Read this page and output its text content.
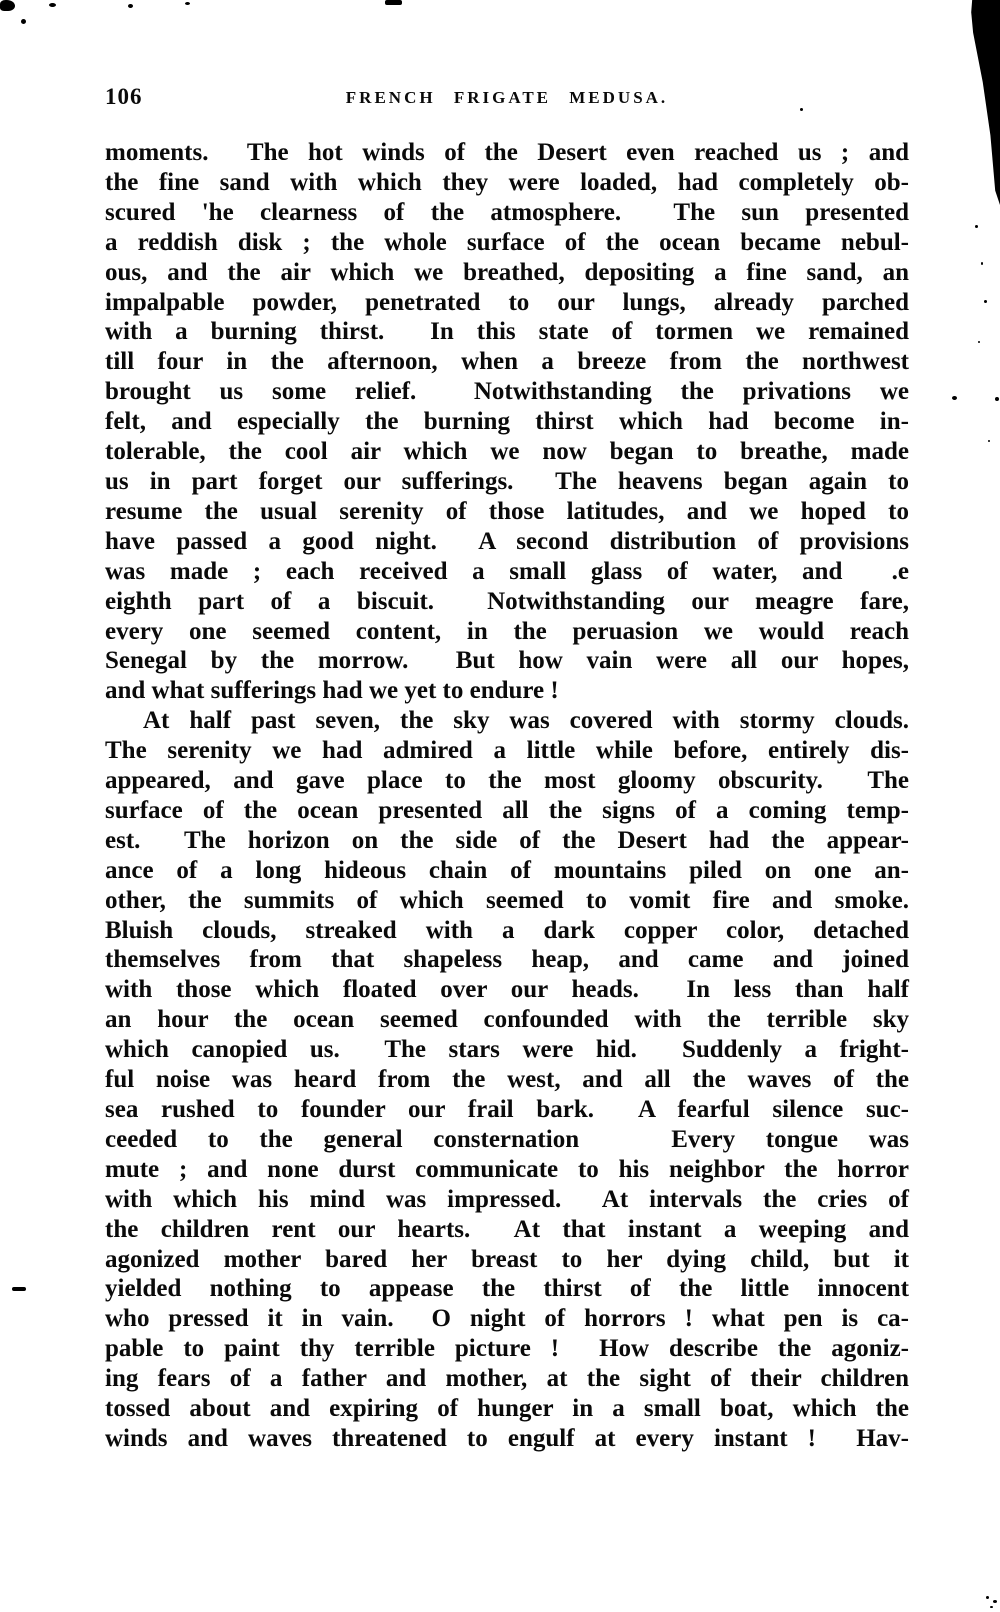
106	FRENCH FRIGATE MEDUSA.
moments.  The hot winds of the Desert even reached us ; and
the fine sand with which they were loaded, had completely ob-
scured 'he clearness of the atmosphere.  The sun presented
a reddish disk ; the whole surface of the ocean became nebul-
ous, and the air which we breathed, depositing a fine sand, an
impalpable powder, penetrated to our lungs, already parched
with a burning thirst.  In this state of tormen we remained
till four in the afternoon, when a breeze from the northwest
brought us some relief.  Notwithstanding the privations we
felt, and especially the burning thirst which had become in-
tolerable, the cool air which we now began to breathe, made
us in part forget our sufferings.  The heavens began again to
resume the usual serenity of those latitudes, and we hoped to
have passed a good night.  A second distribution of provisions
was made ; each received a small glass of water, and  .e
eighth part of a biscuit.  Notwithstanding our meagre fare,
every one seemed content, in the peruasion we would reach
Senegal by the morrow.  But how vain were all our hopes,
and what sufferings had we yet to endure !
At half past seven, the sky was covered with stormy clouds.
The serenity we had admired a little while before, entirely dis-
appeared, and gave place to the most gloomy obscurity.  The
surface of the ocean presented all the signs of a coming temp-
est.  The horizon on the side of the Desert had the appear-
ance of a long hideous chain of mountains piled on one an-
other, the summits of which seemed to vomit fire and smoke.
Bluish clouds, streaked with a dark copper color, detached
themselves from that shapeless heap, and came and joined
with those which floated over our heads.  In less than half
an hour the ocean seemed confounded with the terrible sky
which canopied us.  The stars were hid.  Suddenly a fright-
ful noise was heard from the west, and all the waves of the
sea rushed to founder our frail bark.  A fearful silence suc-
ceeded to the general consternation   Every tongue was
mute ; and none durst communicate to his neighbor the horror
with which his mind was impressed.  At intervals the cries of
the children rent our hearts.  At that instant a weeping and
agonized mother bared her breast to her dying child, but it
yielded nothing to appease the thirst of the little innocent
who pressed it in vain.  O night of horrors ! what pen is ca-
pable to paint thy terrible picture !  How describe the agoniz-
ing fears of a father and mother, at the sight of their children
tossed about and expiring of hunger in a small boat, which the
winds and waves threatened to engulf at every instant !  Hav-
